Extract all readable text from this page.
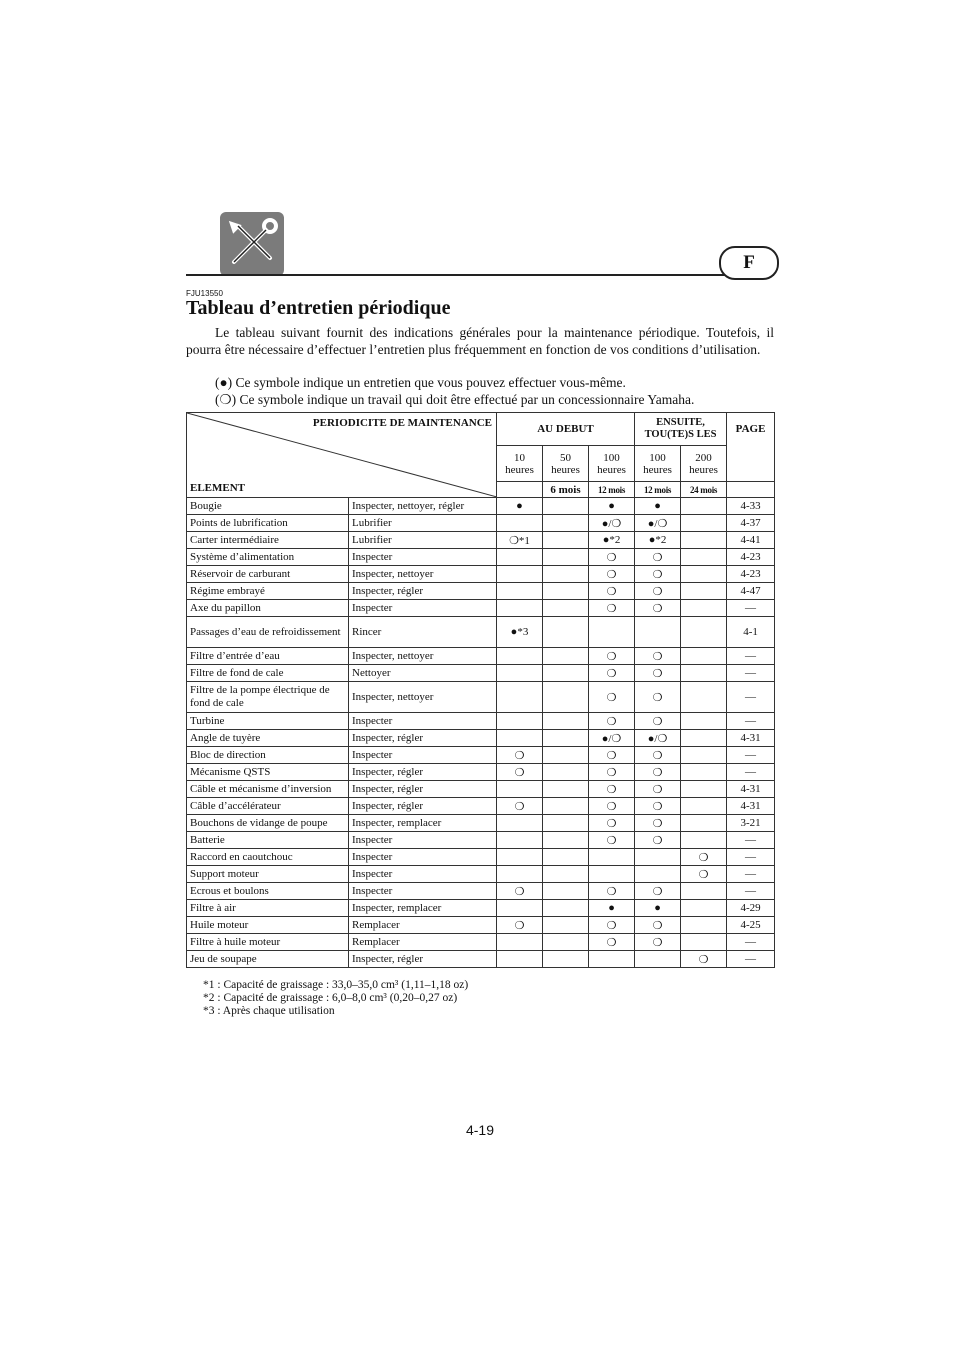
F
FJU13550
Tableau d’entretien périodique

Le tableau suivant fournit des indications générales pour la maintenance périodique. Toutefois, il pourra être nécessaire d’effectuer l’entretien plus fréquemment en fonction de vos conditions d’utilisation.

(●) Ce symbole indique un entretien que vous pouvez effectuer vous-même.

(❍) Ce symbole indique un travail qui doit être effectué par un concessionnaire Yamaha.

PERIODICITE DE MAINTENANCE
ELEMENT		AU DEBUT			ENSUITE, TOU(TE)S LES		PAGE
		10 heures	50 heures	100 heures	100 heures	200 heures	
			6 mois	12 mois	12 mois	24 mois	
Bougie	Inspecter, nettoyer, régler	●		●	●		4-33
Points de lubrification	Lubrifier			●/❍	●/❍		4-37
Carter intermédiaire	Lubrifier	❍*1		●*2	●*2		4-41
Système d’alimentation	Inspecter			❍	❍		4-23
Réservoir de carburant	Inspecter, nettoyer			❍	❍		4-23
Régime embrayé	Inspecter, régler			❍	❍		4-47
Axe du papillon	Inspecter			❍	❍		—
Passages d’eau de refroidissement	Rincer	●*3					4-1
Filtre d’entrée d’eau	Inspecter, nettoyer			❍	❍		—
Filtre de fond de cale	Nettoyer			❍	❍		—
Filtre de la pompe électrique de fond de cale	Inspecter, nettoyer			❍	❍		—
Turbine	Inspecter			❍	❍		—
Angle de tuyère	Inspecter, régler			●/❍	●/❍		4-31
Bloc de direction	Inspecter	❍		❍	❍		—
Mécanisme QSTS	Inspecter, régler	❍		❍	❍		—
Câble et mécanisme d’inversion	Inspecter, régler			❍	❍		4-31
Câble d’accélérateur	Inspecter, régler	❍		❍	❍		4-31
Bouchons de vidange de poupe	Inspecter, remplacer			❍	❍		3-21
Batterie	Inspecter			❍	❍		—
Raccord en caoutchouc	Inspecter					❍	—
Support moteur	Inspecter					❍	—
Ecrous et boulons	Inspecter	❍		❍	❍		—
Filtre à air	Inspecter, remplacer			●	●		4-29
Huile moteur	Remplacer	❍		❍	❍		4-25
Filtre à huile moteur	Remplacer			❍	❍		—
Jeu de soupape	Inspecter, régler					❍	—
*1 : Capacité de graissage : 33,0–35,0 cm³ (1,11–1,18 oz)
*2 : Capacité de graissage : 6,0–8,0 cm³ (0,20–0,27 oz)
*3 : Après chaque utilisation
4-19
